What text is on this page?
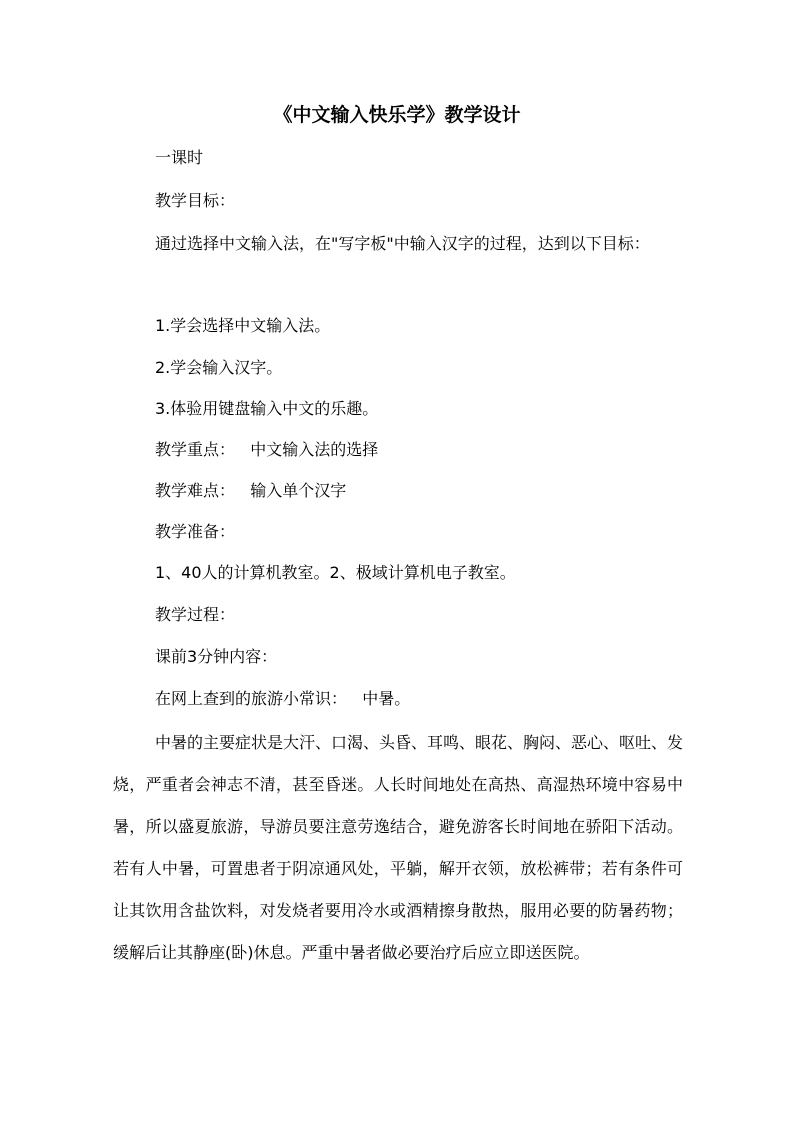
《中文输入快乐学》教学设计

一课时

教学目标：

通过选择中文输入法，在"写字板"中输入汉字的过程，达到以下目标：

1.学会选择中文输入法。

2.学会输入汉字。

3.体验用键盘输入中文的乐趣。

教学重点：   中文输入法的选择

教学难点：   输入单个汉字

教学准备：

1、40人的计算机教室。2、极域计算机电子教室。

教学过程：

课前3分钟内容：

在网上查到的旅游小常识：   中暑。

中暑的主要症状是大汗、口渴、头昏、耳鸣、眼花、胸闷、恶心、呕吐、发烧，严重者会神志不清，甚至昏迷。人长时间地处在高热、高湿热环境中容易中暑，所以盛夏旅游，导游员要注意劳逸结合，避免游客长时间地在骄阳下活动。若有人中暑，可置患者于阴凉通风处，平躺，解开衣领，放松裤带；若有条件可让其饮用含盐饮料，对发烧者要用冷水或酒精擦身散热，服用必要的防暑药物；缓解后让其静座(卧)休息。严重中暑者做必要治疗后应立即送医院。
